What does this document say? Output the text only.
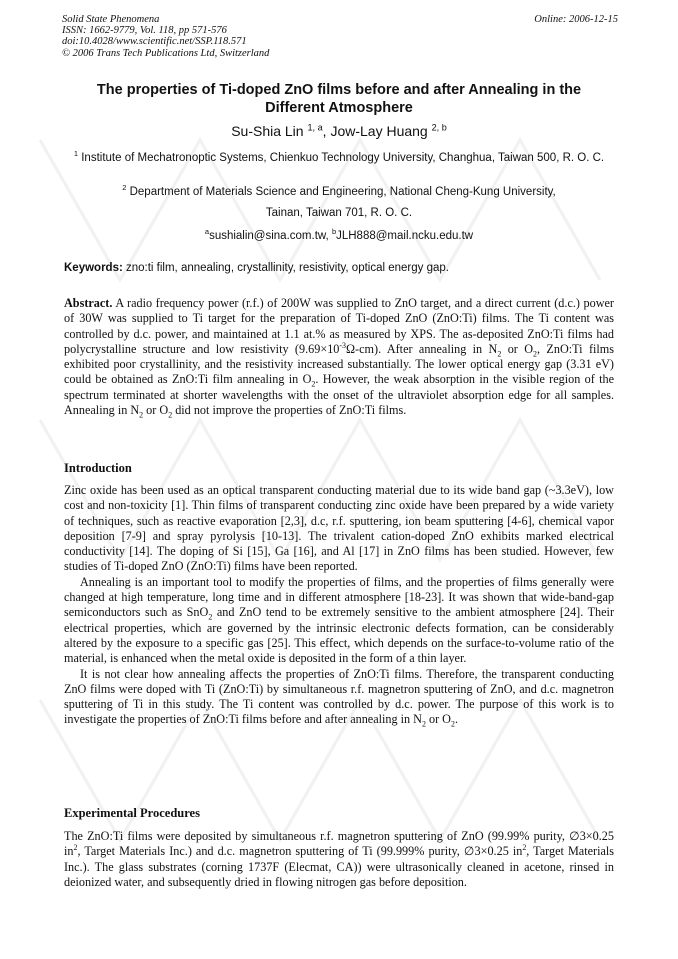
Solid State Phenomena
ISSN: 1662-9779, Vol. 118, pp 571-576
doi:10.4028/www.scientific.net/SSP.118.571
© 2006 Trans Tech Publications Ltd, Switzerland
Online: 2006-12-15
The properties of Ti-doped ZnO films before and after Annealing in the
Different Atmosphere
Su-Shia Lin $^{1, a}$, Jow-Lay Huang $^{2, b}$
$^1$ Institute of Mechatronoptic Systems, Chienkuo Technology University, Changhua, Taiwan 500, R. O. C.
$^2$ Department of Materials Science and Engineering, National Cheng-Kung University,
Tainan, Taiwan 701, R. O. C.
$^a$sushialin@sina.com.tw, $^b$JLH888@mail.ncku.edu.tw
Keywords: zno:ti film, annealing, crystallinity, resistivity, optical energy gap.

Abstract. A radio frequency power (r.f.) of 200W was supplied to ZnO target, and a direct current (d.c.) power of 30W was supplied to Ti target for the preparation of Ti-doped ZnO (ZnO:Ti) films. The Ti content was controlled by d.c. power, and maintained at 1.1 at.% as measured by XPS. The as-deposited ZnO:Ti films had polycrystalline structure and low resistivity $(9.69\times 10^{-3}\Omega-cm)$. After annealing in $N_2$ or $O_2$, ZnO:Ti films exhibited poor crystallinity, and the resistivity increased substantially. The lower optical energy gap (3.31 eV) could be obtained as ZnO:Ti film annealing in $O_2$. However, the weak absorption in the visible region of the spectrum terminated at shorter wavelengths with the onset of the ultraviolet absorption edge for all samples. Annealing in $N_2$ or $O_2$ did not improve the properties of ZnO:Ti films.

Introduction

Zinc oxide has been used as an optical transparent conducting material due to its wide band gap (~3.3eV), low cost and non-toxicity [1]. Thin films of transparent conducting zinc oxide have been prepared by a wide variety of techniques, such as reactive evaporation [2,3], d.c, r.f. sputtering, ion beam sputtering [4-6], chemical vapor deposition [7-9] and spray pyrolysis [10-13]. The trivalent cation-doped ZnO exhibits marked electrical conductivity [14]. The doping of Si [15], Ga [16], and Al [17] in ZnO films has been studied. However, few studies of Ti-doped ZnO (ZnO:Ti) films have been reported.

Annealing is an important tool to modify the properties of films, and the properties of films generally were changed at high temperature, long time and in different atmosphere [18-23]. It was shown that wide-band-gap semiconductors such as SnO$_2$ and ZnO tend to be extremely sensitive to the ambient atmosphere [24]. Their electrical properties, which are governed by the intrinsic electronic defects formation, can be considerably altered by the exposure to a specific gas [25]. This effect, which depends on the surface-to-volume ratio of the material, is enhanced when the metal oxide is deposited in the form of a thin layer.

It is not clear how annealing affects the properties of ZnO:Ti films. Therefore, the transparent conducting ZnO films were doped with Ti (ZnO:Ti) by simultaneous r.f. magnetron sputtering of ZnO, and d.c. magnetron sputtering of Ti in this study. The Ti content was controlled by d.c. power. The purpose of this work is to investigate the properties of ZnO:Ti films before and after annealing in $N_2$ or $O_2$.

Experimental Procedures

The ZnO:Ti films were deposited by simultaneous r.f. magnetron sputtering of ZnO (99.99% purity, ∅3×0.25 $in^2$, Target Materials Inc.) and d.c. magnetron sputtering of Ti (99.999% purity, ∅3×0.25 $in^2$, Target Materials Inc.). The glass substrates (corning 1737F (Elecmat, CA)) were ultrasonically cleaned in acetone, rinsed in deionized water, and subsequently dried in flowing nitrogen gas before deposition.
